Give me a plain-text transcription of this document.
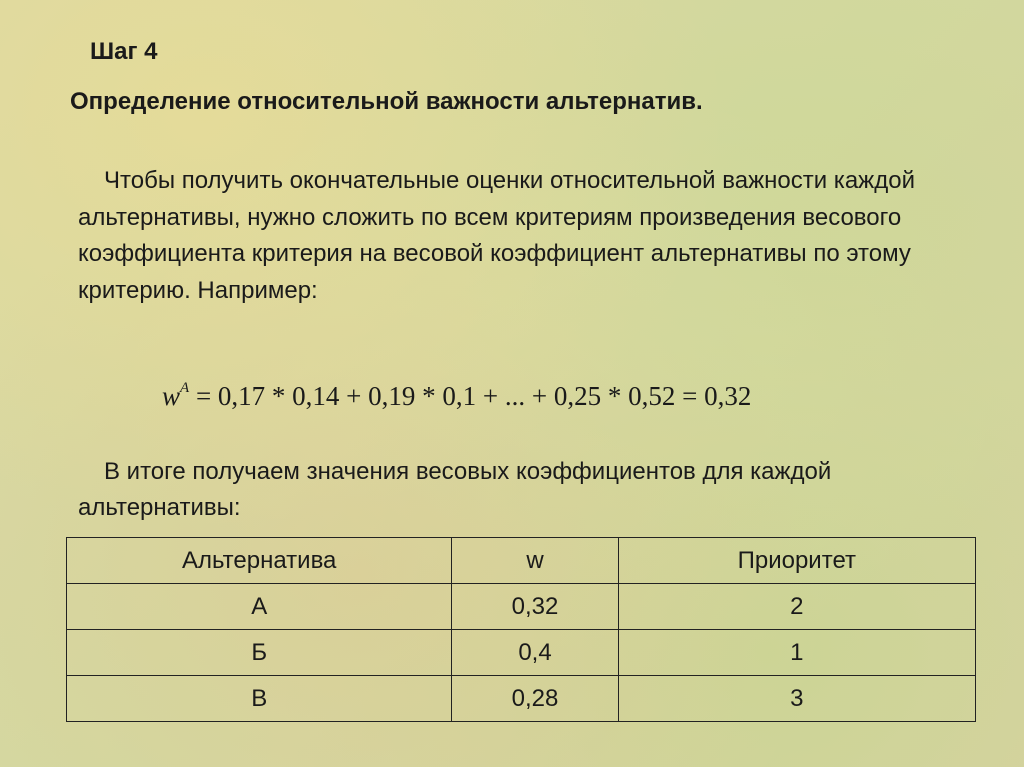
Шаг 4
Определение относительной важности альтернатив.

Чтобы получить окончательные оценки относительной важности каждой альтернативы, нужно сложить по всем критериям произведения весового коэффициента критерия на весовой коэффициент альтернативы по этому критерию. Например:

$w^A = 0,17 * 0,14 + 0,19 * 0,1$ + ... + 0,25 * 0,52 = 0,32

В итоге получаем значения весовых коэффициентов для каждой альтернативы:

Альтернатива	w	Приоритет
А	0,32	2
Б	0,4	1
В	0,28	3
